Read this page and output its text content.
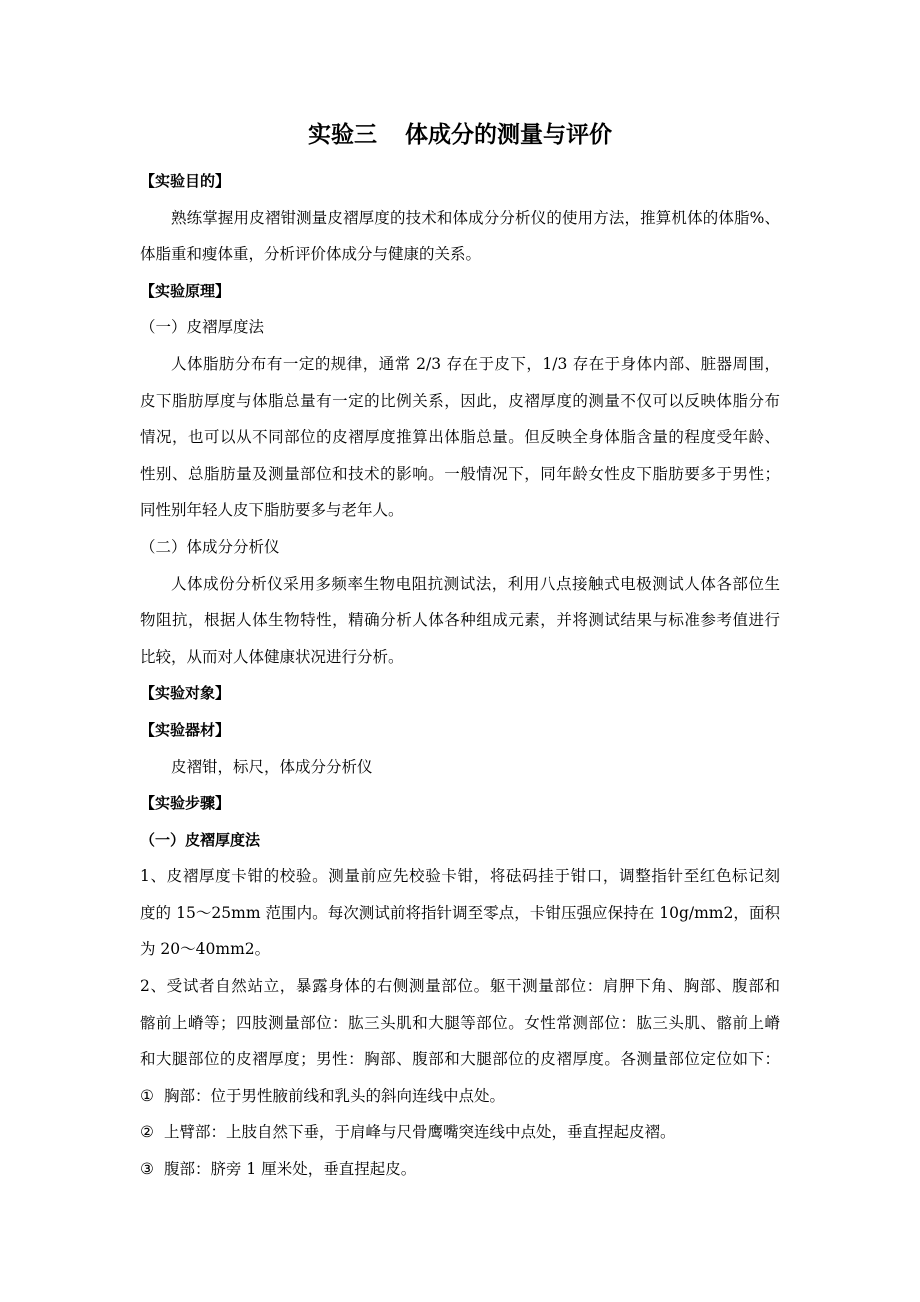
实验三 体成分的测量与评价
【实验目的】
熟练掌握用皮褶钳测量皮褶厚度的技术和体成分分析仪的使用方法，推算机体的体脂%、
体脂重和瘦体重，分析评价体成分与健康的关系。
【实验原理】
（一）皮褶厚度法
人体脂肪分布有一定的规律，通常 2/3 存在于皮下，1/3 存在于身体内部、脏器周围，
皮下脂肪厚度与体脂总量有一定的比例关系，因此，皮褶厚度的测量不仅可以反映体脂分布
情况，也可以从不同部位的皮褶厚度推算出体脂总量。但反映全身体脂含量的程度受年龄、
性别、总脂肪量及测量部位和技术的影响。一般情况下，同年龄女性皮下脂肪要多于男性；
同性别年轻人皮下脂肪要多与老年人。
（二）体成分分析仪
人体成份分析仪采用多频率生物电阻抗测试法，利用八点接触式电极测试人体各部位生
物阻抗，根据人体生物特性，精确分析人体各种组成元素，并将测试结果与标准参考值进行
比较，从而对人体健康状况进行分析。
【实验对象】
【实验器材】
皮褶钳，标尺，体成分分析仪
【实验步骤】
（一）皮褶厚度法
1、皮褶厚度卡钳的校验。测量前应先校验卡钳，将砝码挂于钳口，调整指针至红色标记刻
度的 15～25mm 范围内。每次测试前将指针调至零点，卡钳压强应保持在 10g/mm2，面积
为 20～40mm2。
2、受试者自然站立，暴露身体的右侧测量部位。躯干测量部位：肩胛下角、胸部、腹部和
髂前上嵴等；四肢测量部位：肱三头肌和大腿等部位。女性常测部位：肱三头肌、髂前上嵴
和大腿部位的皮褶厚度；男性：胸部、腹部和大腿部位的皮褶厚度。各测量部位定位如下：
① 胸部：位于男性腋前线和乳头的斜向连线中点处。
② 上臂部：上肢自然下垂，于肩峰与尺骨鹰嘴突连线中点处，垂直捏起皮褶。
③ 腹部：脐旁 1 厘米处，垂直捏起皮。
